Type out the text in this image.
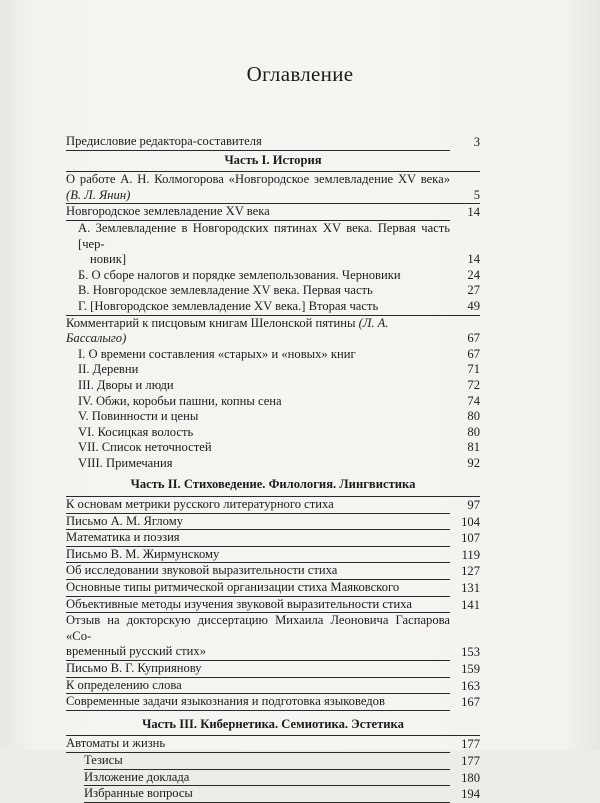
Предисловие редактора-составителя	3
Часть I. История
О работе А. Н. Колмогорова «Новгородское землевладение XV века»
(В. Л. Янин)	5
Новгородское землевладение XV века	14
А. Землевладение в Новгородских пятинах XV века. Первая часть [чер-
новик]	14
Б. О сборе налогов и порядке землепользования. Черновики	24
В. Новгородское землевладение XV века. Первая часть	27
Г. [Новгородское землевладение XV века.] Вторая часть	49
Комментарий к писцовым книгам Шелонской пятины (Л. А. Бассалыго)	67
I. О времени составления «старых» и «новых» книг	67
II. Деревни	71
III. Дворы и люди	72
IV. Обжи, коробьи пашни, копны сена	74
V. Повинности и цены	80
VI. Косицкая волость	80
VII. Список неточностей	81
VIII. Примечания	92
Часть II. Стиховедение. Филология. Лингвистика
К основам метрики русского литературного стиха	97
Письмо А. М. Яглому	104
Математика и поэзия	107
Письмо В. М. Жирмунскому	119
Об исследовании звуковой выразительности стиха	127
Основные типы ритмической организации стиха Маяковского	131
Объективные методы изучения звуковой выразительности стиха	141
Отзыв на докторскую диссертацию Михаила Леоновича Гаспарова «Со-
временный русский стих»	153
Письмо В. Г. Куприянову	159
К определению слова	163
Современные задачи языкознания и подготовка языковедов	167
Часть III. Кибернетика. Семиотика. Эстетика
Автоматы и жизнь	177
Тезисы	177
Изложение доклада	180
Избранные вопросы	194
Оглавление
